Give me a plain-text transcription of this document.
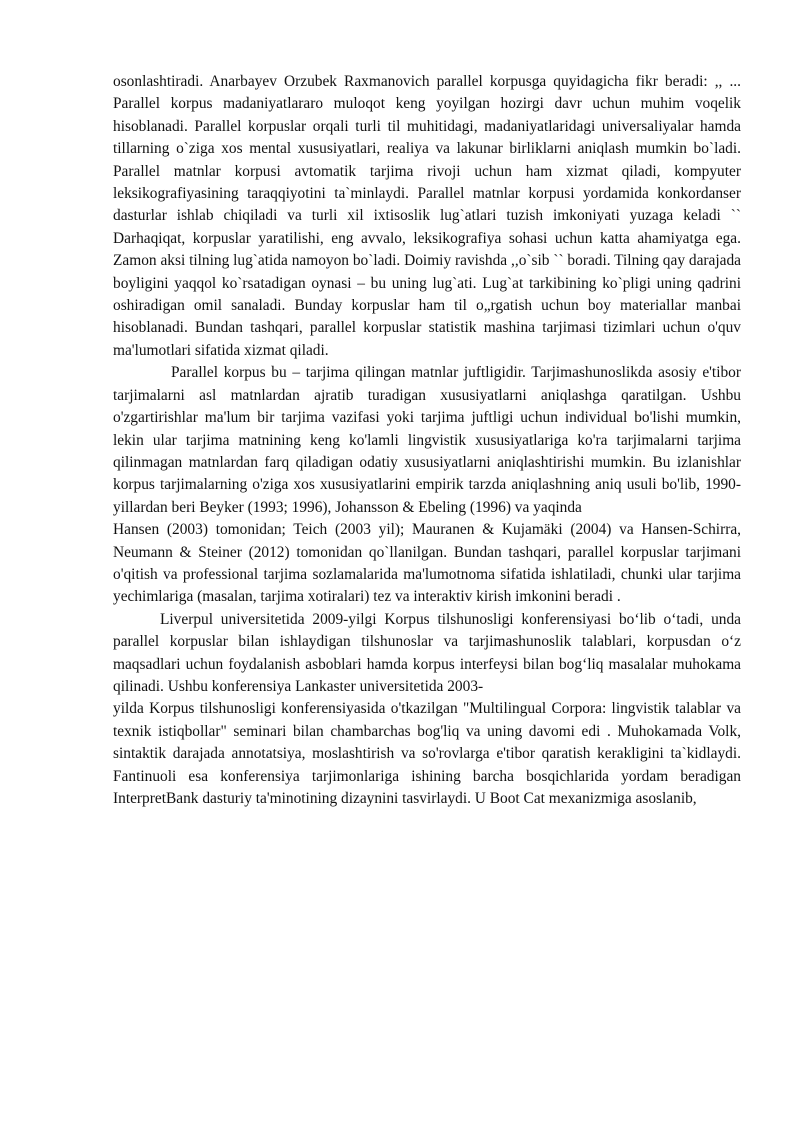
osonlashtiradi. Anarbayev Orzubek Raxmanovich parallel korpusga quyidagicha fikr beradi: ,, ... Parallel korpus madaniyatlararo muloqot keng yoyilgan hozirgi davr uchun muhim voqelik hisoblanadi. Parallel korpuslar orqali turli til muhitidagi, madaniyatlaridagi universaliyalar hamda tillarning o`ziga xos mental xususiyatlari, realiya va lakunar birliklarni aniqlash mumkin bo`ladi. Parallel matnlar korpusi avtomatik tarjima rivoji uchun ham xizmat qiladi, kompyuter leksikografiyasining taraqqiyotini ta`minlaydi. Parallel matnlar korpusi yordamida konkordanser dasturlar ishlab chiqiladi va turli xil ixtisoslik lug`atlari tuzish imkoniyati yuzaga keladi `` Darhaqiqat, korpuslar yaratilishi, eng avvalo, leksikografiya sohasi uchun katta ahamiyatga ega. Zamon aksi tilning lug`atida namoyon bo`ladi. Doimiy ravishda ,,o`sib `` boradi. Tilning qay darajada boyligini yaqqol ko`rsatadigan oynasi – bu uning lug`ati. Lug`at tarkibining ko`pligi uning qadrini oshiradigan omil sanaladi. Bunday korpuslar ham til o„rgatish uchun boy materiallar manbai hisoblanadi. Bundan tashqari, parallel korpuslar statistik mashina tarjimasi tizimlari uchun o'quv ma'lumotlari sifatida xizmat qiladi.

Parallel korpus bu – tarjima qilingan matnlar juftligidir. Tarjimashunoslikda asosiy e'tibor tarjimalarni asl matnlardan ajratib turadigan xususiyatlarni aniqlashga qaratilgan. Ushbu o'zgartirishlar ma'lum bir tarjima vazifasi yoki tarjima juftligi uchun individual bo'lishi mumkin, lekin ular tarjima matnining keng ko'lamli lingvistik xususiyatlariga ko'ra tarjimalarni tarjima qilinmagan matnlardan farq qiladigan odatiy xususiyatlarni aniqlashtirishi mumkin. Bu izlanishlar korpus tarjimalarning o'ziga xos xususiyatlarini empirik tarzda aniqlashning aniq usuli bo'lib, 1990-yillardan beri Beyker (1993; 1996), Johansson & Ebeling (1996) va yaqinda
Hansen (2003) tomonidan; Teich (2003 yil); Mauranen & Kujamäki (2004) va Hansen-Schirra, Neumann & Steiner (2012) tomonidan qo`llanilgan. Bundan tashqari, parallel korpuslar tarjimani o'qitish va professional tarjima sozlamalarida ma'lumotnoma sifatida ishlatiladi, chunki ular tarjima yechimlariga (masalan, tarjima xotiralari) tez va interaktiv kirish imkonini beradi .

Liverpul universitetida 2009-yilgi Korpus tilshunosligi konferensiyasi bo‘lib o‘tadi, unda parallel korpuslar bilan ishlaydigan tilshunoslar va tarjimashunoslik talablari, korpusdan o‘z maqsadlari uchun foydalanish asboblari hamda korpus interfeysi bilan bog‘liq masalalar muhokama qilinadi. Ushbu konferensiya Lankaster universitetida 2003-
yilda Korpus tilshunosligi konferensiyasida o'tkazilgan "Multilingual Corpora: lingvistik talablar va texnik istiqbollar" seminari bilan chambarchas bog'liq va uning davomi edi . Muhokamada Volk, sintaktik darajada annotatsiya, moslashtirish va so'rovlarga e'tibor qaratish kerakligini ta`kidlaydi. Fantinuoli esa konferensiya tarjimonlariga ishining barcha bosqichlarida yordam beradigan InterpretBank dasturiy ta'minotining dizaynini tasvirlaydi. U Boot Cat mexanizmiga asoslanib,
